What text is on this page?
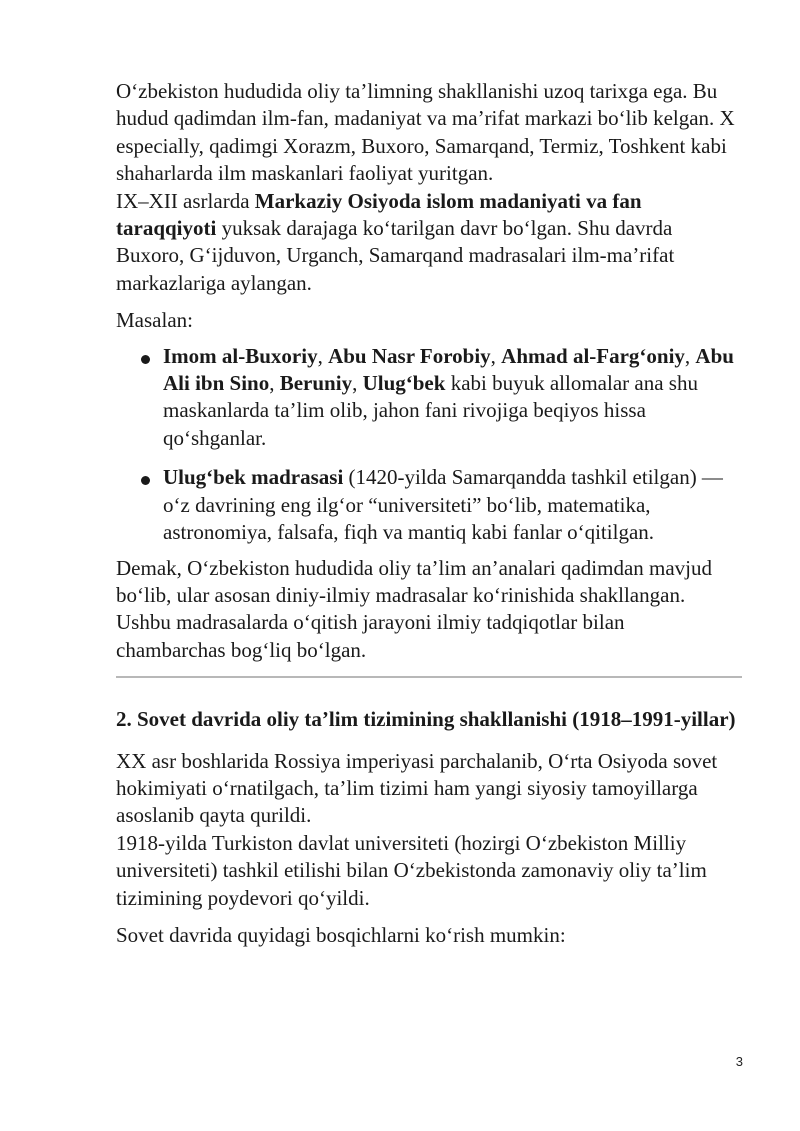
O‘zbekiston hududida oliy ta’limning shakllanishi uzoq tarixga ega. Bu hudud qadimdan ilm-fan, madaniyat va ma’rifat markazi bo‘lib kelgan. X especially, qadimgi Xorazm, Buxoro, Samarqand, Termiz, Toshkent kabi shaharlarda ilm maskanlari faoliyat yuritgan.

IX–XII asrlarda Markaziy Osiyoda islom madaniyati va fan taraqqiyoti yuksak darajaga ko‘tarilgan davr bo‘lgan. Shu davrda Buxoro, G‘ijduvon, Urganch, Samarqand madrasalari ilm-ma’rifat markazlariga aylangan.

Masalan:

Imom al-Buxoriy, Abu Nasr Forobiy, Ahmad al-Farg‘oniy, Abu Ali ibn Sino, Beruniy, Ulug‘bek kabi buyuk allomalar ana shu maskanlarda ta’lim olib, jahon fani rivojiga beqiyos hissa qo‘shganlar.
Ulug‘bek madrasasi (1420-yilda Samarqandda tashkil etilgan) — o‘z davrining eng ilg‘or “universiteti” bo‘lib, matematika, astronomiya, falsafa, fiqh va mantiq kabi fanlar o‘qitilgan.

Demak, O‘zbekiston hududida oliy ta’lim an’analari qadimdan mavjud bo‘lib, ular asosan diniy-ilmiy madrasalar ko‘rinishida shakllangan. Ushbu madrasalarda o‘qitish jarayoni ilmiy tadqiqotlar bilan chambarchas bog‘liq bo‘lgan.

2. Sovet davrida oliy ta’lim tizimining shakllanishi (1918–1991-yillar)

XX asr boshlarida Rossiya imperiyasi parchalanib, O‘rta Osiyoda sovet hokimiyati o‘rnatilgach, ta’lim tizimi ham yangi siyosiy tamoyillarga asoslanib qayta qurildi.

1918-yilda Turkiston davlat universiteti (hozirgi O‘zbekiston Milliy universiteti) tashkil etilishi bilan O‘zbekistonda zamonaviy oliy ta’lim tizimining poydevori qo‘yildi.

Sovet davrida quyidagi bosqichlarni ko‘rish mumkin:

3
